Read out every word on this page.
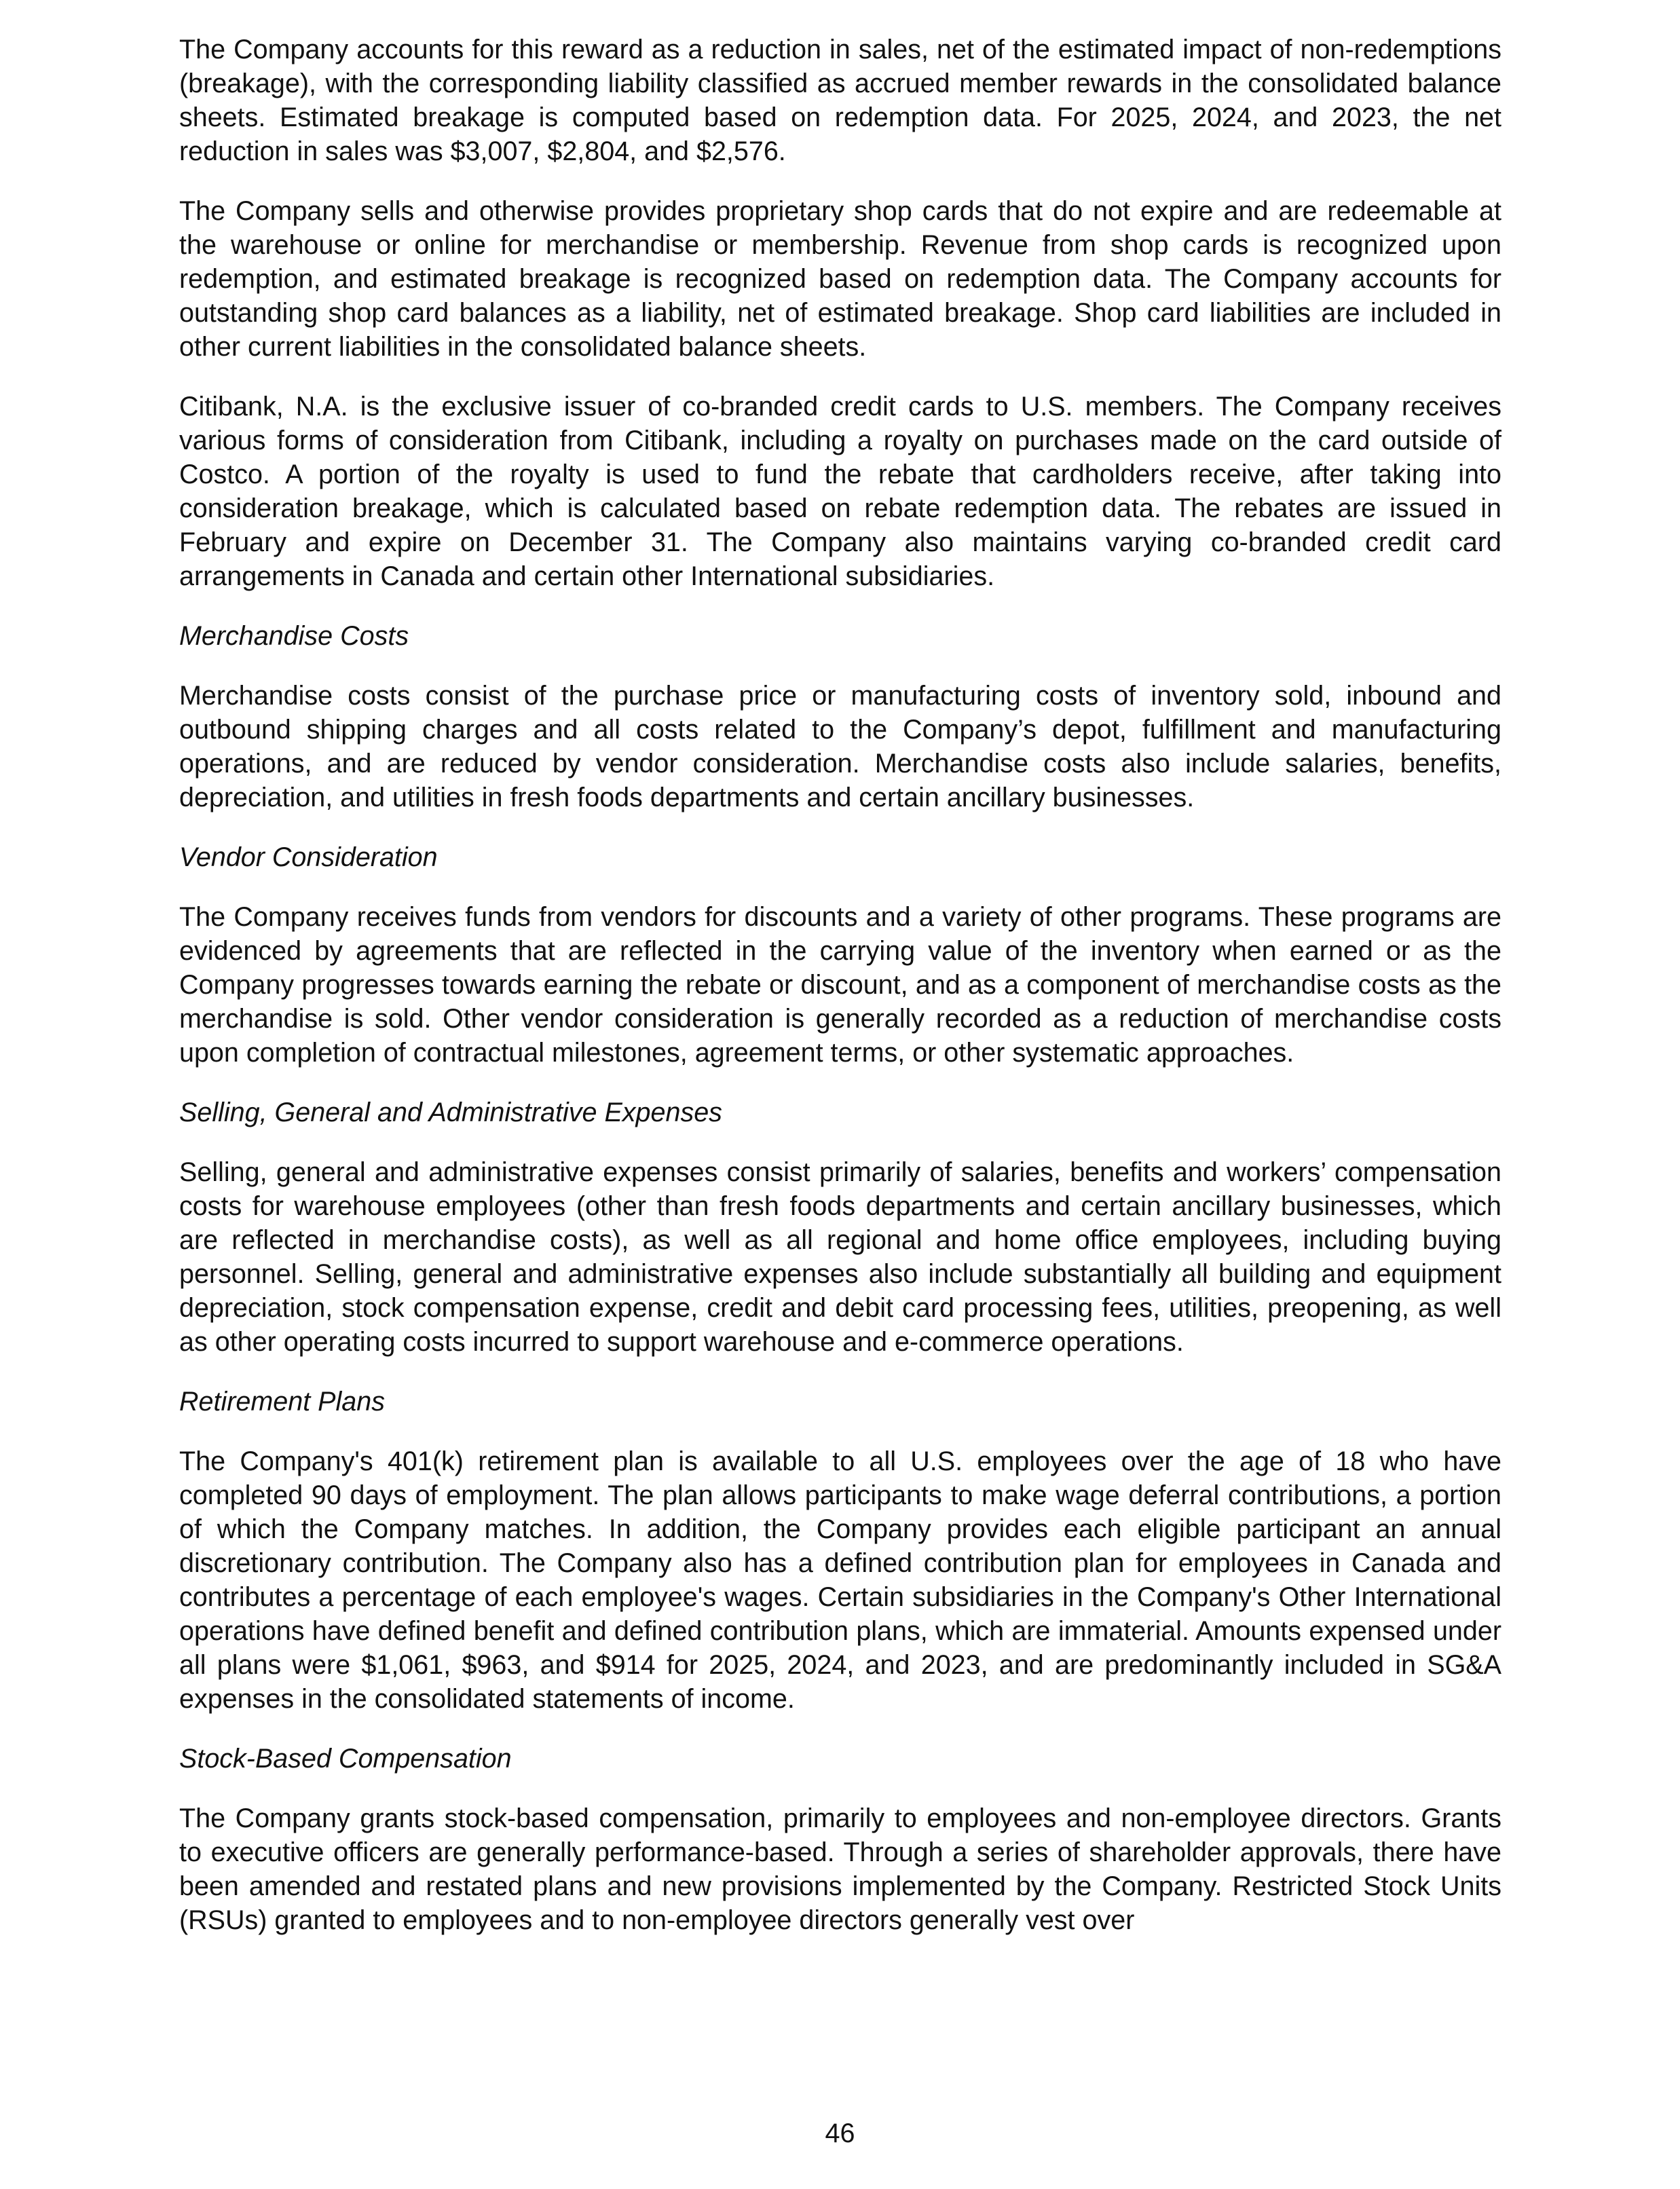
The Company accounts for this reward as a reduction in sales, net of the estimated impact of non-redemptions (breakage), with the corresponding liability classified as accrued member rewards in the consolidated balance sheets. Estimated breakage is computed based on redemption data. For 2025, 2024, and 2023, the net reduction in sales was $3,007, $2,804, and $2,576.

The Company sells and otherwise provides proprietary shop cards that do not expire and are redeemable at the warehouse or online for merchandise or membership. Revenue from shop cards is recognized upon redemption, and estimated breakage is recognized based on redemption data. The Company accounts for outstanding shop card balances as a liability, net of estimated breakage. Shop card liabilities are included in other current liabilities in the consolidated balance sheets.

Citibank, N.A. is the exclusive issuer of co-branded credit cards to U.S. members. The Company receives various forms of consideration from Citibank, including a royalty on purchases made on the card outside of Costco. A portion of the royalty is used to fund the rebate that cardholders receive, after taking into consideration breakage, which is calculated based on rebate redemption data. The rebates are issued in February and expire on December 31. The Company also maintains varying co-branded credit card arrangements in Canada and certain other International subsidiaries.

Merchandise Costs

Merchandise costs consist of the purchase price or manufacturing costs of inventory sold, inbound and outbound shipping charges and all costs related to the Company’s depot, fulfillment and manufacturing operations, and are reduced by vendor consideration. Merchandise costs also include salaries, benefits, depreciation, and utilities in fresh foods departments and certain ancillary businesses.

Vendor Consideration

The Company receives funds from vendors for discounts and a variety of other programs. These programs are evidenced by agreements that are reflected in the carrying value of the inventory when earned or as the Company progresses towards earning the rebate or discount, and as a component of merchandise costs as the merchandise is sold. Other vendor consideration is generally recorded as a reduction of merchandise costs upon completion of contractual milestones, agreement terms, or other systematic approaches.

Selling, General and Administrative Expenses

Selling, general and administrative expenses consist primarily of salaries, benefits and workers’ compensation costs for warehouse employees (other than fresh foods departments and certain ancillary businesses, which are reflected in merchandise costs), as well as all regional and home office employees, including buying personnel. Selling, general and administrative expenses also include substantially all building and equipment depreciation, stock compensation expense, credit and debit card processing fees, utilities, preopening, as well as other operating costs incurred to support warehouse and e-commerce operations.

Retirement Plans

The Company's 401(k) retirement plan is available to all U.S. employees over the age of 18 who have completed 90 days of employment. The plan allows participants to make wage deferral contributions, a portion of which the Company matches. In addition, the Company provides each eligible participant an annual discretionary contribution. The Company also has a defined contribution plan for employees in Canada and contributes a percentage of each employee's wages. Certain subsidiaries in the Company's Other International operations have defined benefit and defined contribution plans, which are immaterial. Amounts expensed under all plans were $1,061, $963, and $914 for 2025, 2024, and 2023, and are predominantly included in SG&A expenses in the consolidated statements of income.

Stock-Based Compensation

The Company grants stock-based compensation, primarily to employees and non-employee directors. Grants to executive officers are generally performance-based. Through a series of shareholder approvals, there have been amended and restated plans and new provisions implemented by the Company. Restricted Stock Units (RSUs) granted to employees and to non-employee directors generally vest over

46
